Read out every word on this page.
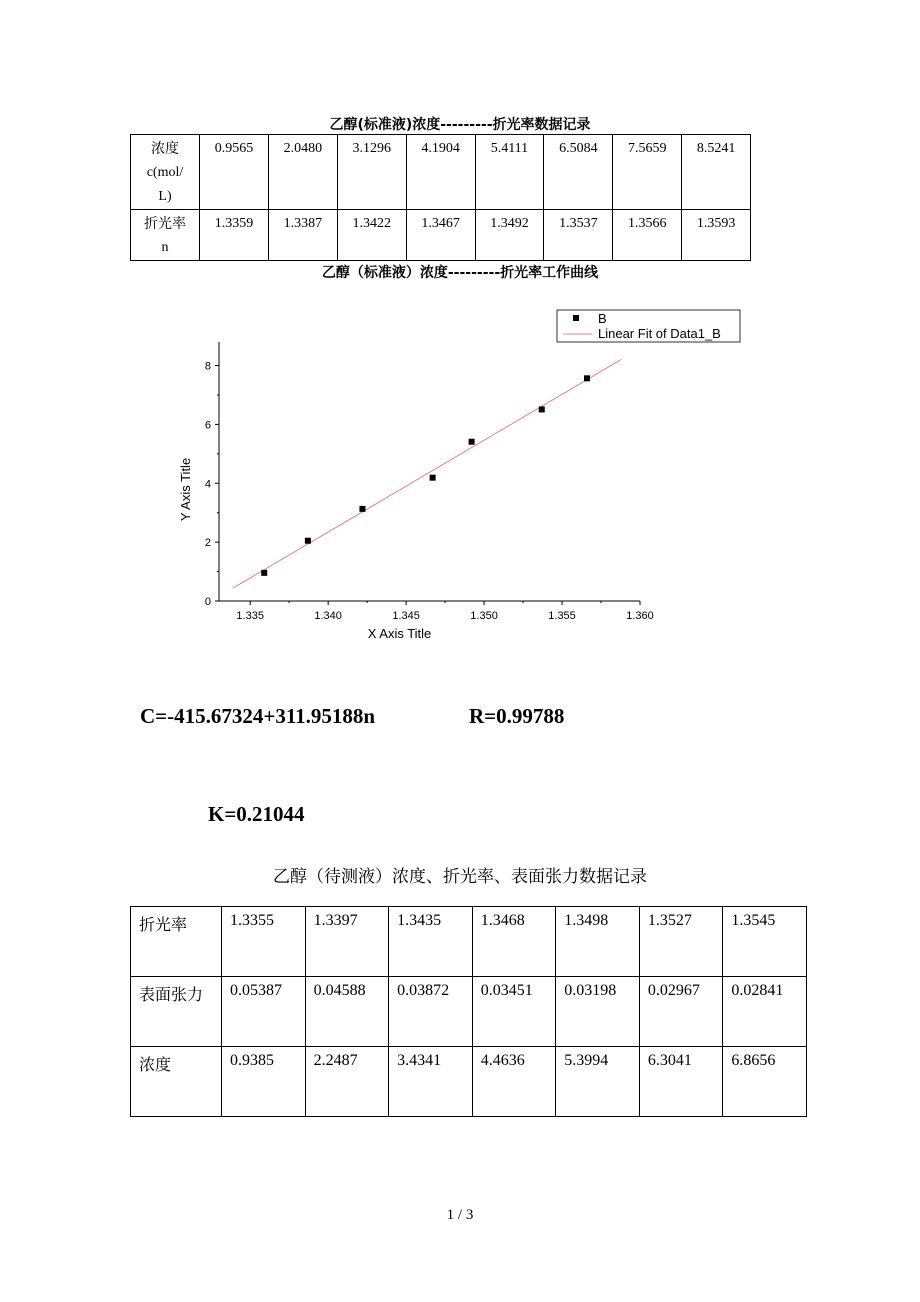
乙醇(标准液)浓度---------折光率数据记录
浓度
c(mol/
L)	0.9565	2.0480	3.1296	4.1904	5.4111	6.5084	7.5659	8.5241

折光率
n	1.3359	1.3387	1.3422	1.3467	1.3492	1.3537	1.3566	1.3593
乙醇（标准液）浓度---------折光率工作曲线
1.335	1.340	1.345	1.350	1.355	1.360
0
2
4
6
8
X Axis Title
Y Axis Title
B
Linear Fit of Data1_B
C=-415.67324+311.95188n	R=0.99788
K=0.21044
乙醇（待测液）浓度、折光率、表面张力数据记录
折光率	1.3355	1.3397	1.3435	1.3468	1.3498	1.3527	1.3545
表面张力	0.05387	0.04588	0.03872	0.03451	0.03198	0.02967	0.02841
浓度	0.9385	2.2487	3.4341	4.4636	5.3994	6.3041	6.8656
1 / 3
